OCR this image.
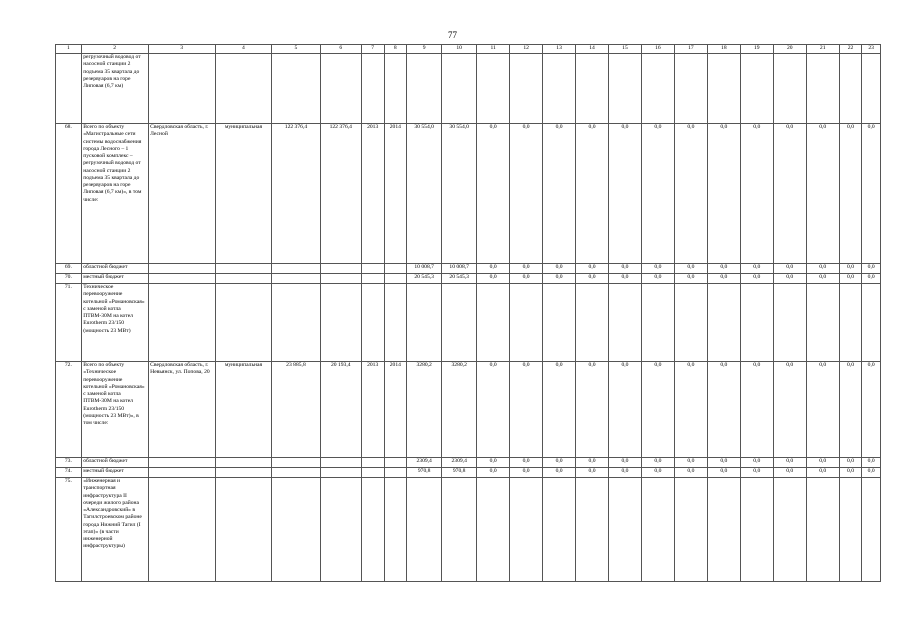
77
1	2	3	4	5	6	7	8	9	10	11	12	13	14	15	16	17	18	19	20	21	22	23
	регрузочный водовод от насосной станции 2 подъема 35 квартала до резервуаров на горе Липовая (6,7 км)																					
68.	Всего по объекту «Магистральные сети системы водоснабжения города Лесного – 1 пусковой комплекс – регрузочный водовод от насосной станции 2 подъема 35 квартала до резервуаров на горе Липовая (6,7 км)», в том числе:	Свердловская область, г. Лесной	муниципальная	122 376,4	122 376,4	2013	2014	30 554,0	30 554,0	0,0	0,0	0,0	0,0	0,0	0,0	0,0	0,0	0,0	0,0	0,0	0,0	0,0
69.	областной бюджет							10 008,7	10 008,7	0,0	0,0	0,0	0,0	0,0	0,0	0,0	0,0	0,0	0,0	0,0	0,0	0,0
70.	местный бюджет							20 545,3	20 545,3	0,0	0,0	0,0	0,0	0,0	0,0	0,0	0,0	0,0	0,0	0,0	0,0	0,0
71.	Техническое перевооружение котельной «Романовская» с заменой котла ПТВМ-30М на котел Eurotherm 23/150 (мощность 23 МВт)																					
72.	Всего по объекту «Техническое перевооружение котельной «Романовская» с заменой котла ПТВМ-30М на котел Eurotherm 23/150 (мощность 23 МВт)», в том числе:	Свердловская область, г. Невьянск, ул. Попова, 20	муниципальная	23 885,8	20 193,4	2013	2014	3280,2	3280,2	0,0	0,0	0,0	0,0	0,0	0,0	0,0	0,0	0,0	0,0	0,0	0,0	0,0
73.	областной бюджет							2309,4	2309,4	0,0	0,0	0,0	0,0	0,0	0,0	0,0	0,0	0,0	0,0	0,0	0,0	0,0
74.	местный бюджет							970,8	970,8	0,0	0,0	0,0	0,0	0,0	0,0	0,0	0,0	0,0	0,0	0,0	0,0	0,0
75.	«Инженерная и транспортная инфраструктура II очереди жилого района «Александровский» в Тагилстроевском районе города Нижний Тагил (I этап)» (в части инженерной инфраструктуры)																					
